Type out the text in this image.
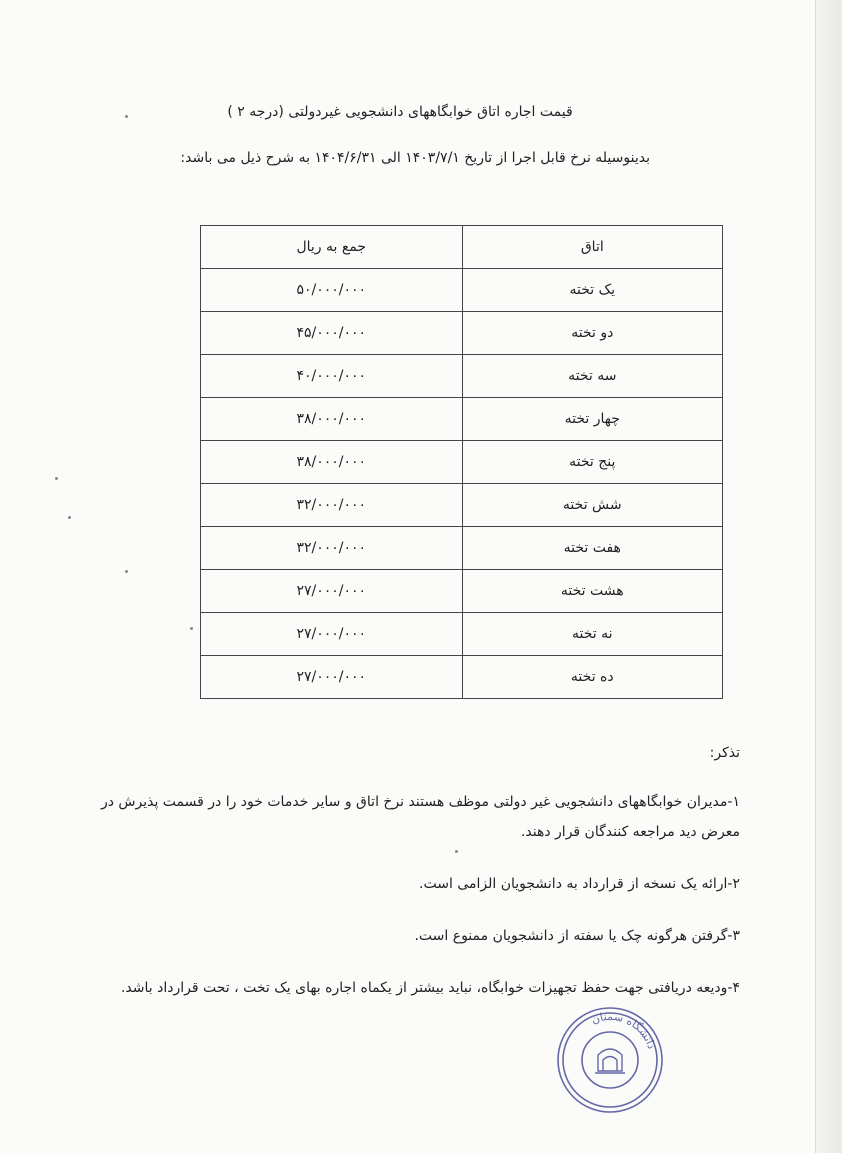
قیمت اجاره اتاق خوابگاههای دانشجویی غیردولتی (درجه ۲ )

بدینوسیله نرخ قابل اجرا از تاریخ ۱۴۰۳/۷/۱ الی ۱۴۰۴/۶/۳۱ به شرح ذیل می باشد:

اتاق	جمع به ریال
یک تخته	۵۰/۰۰۰/۰۰۰
دو تخته	۴۵/۰۰۰/۰۰۰
سه تخته	۴۰/۰۰۰/۰۰۰
چهار تخته	۳۸/۰۰۰/۰۰۰
پنج تخته	۳۸/۰۰۰/۰۰۰
شش تخته	۳۲/۰۰۰/۰۰۰
هفت تخته	۳۲/۰۰۰/۰۰۰
هشت تخته	۲۷/۰۰۰/۰۰۰
نه تخته	۲۷/۰۰۰/۰۰۰
ده تخته	۲۷/۰۰۰/۰۰۰

تذکر:

۱-مدیران خوابگاههای دانشجویی غیر دولتی موظف هستند نرخ اتاق و سایر خدمات خود را در قسمت پذیرش در معرض دید مراجعه کنندگان قرار دهند.

۲-ارائه یک نسخه از قرارداد به دانشجویان الزامی است.

۳-گرفتن هرگونه چک یا سفته از دانشجویان ممنوع است.

۴-ودیعه دریافتی جهت حفظ تجهیزات خوابگاه، نباید بیشتر از یکماه اجاره بهای یک تخت ، تحت قرارداد باشد.

دانشگاه سمنان
